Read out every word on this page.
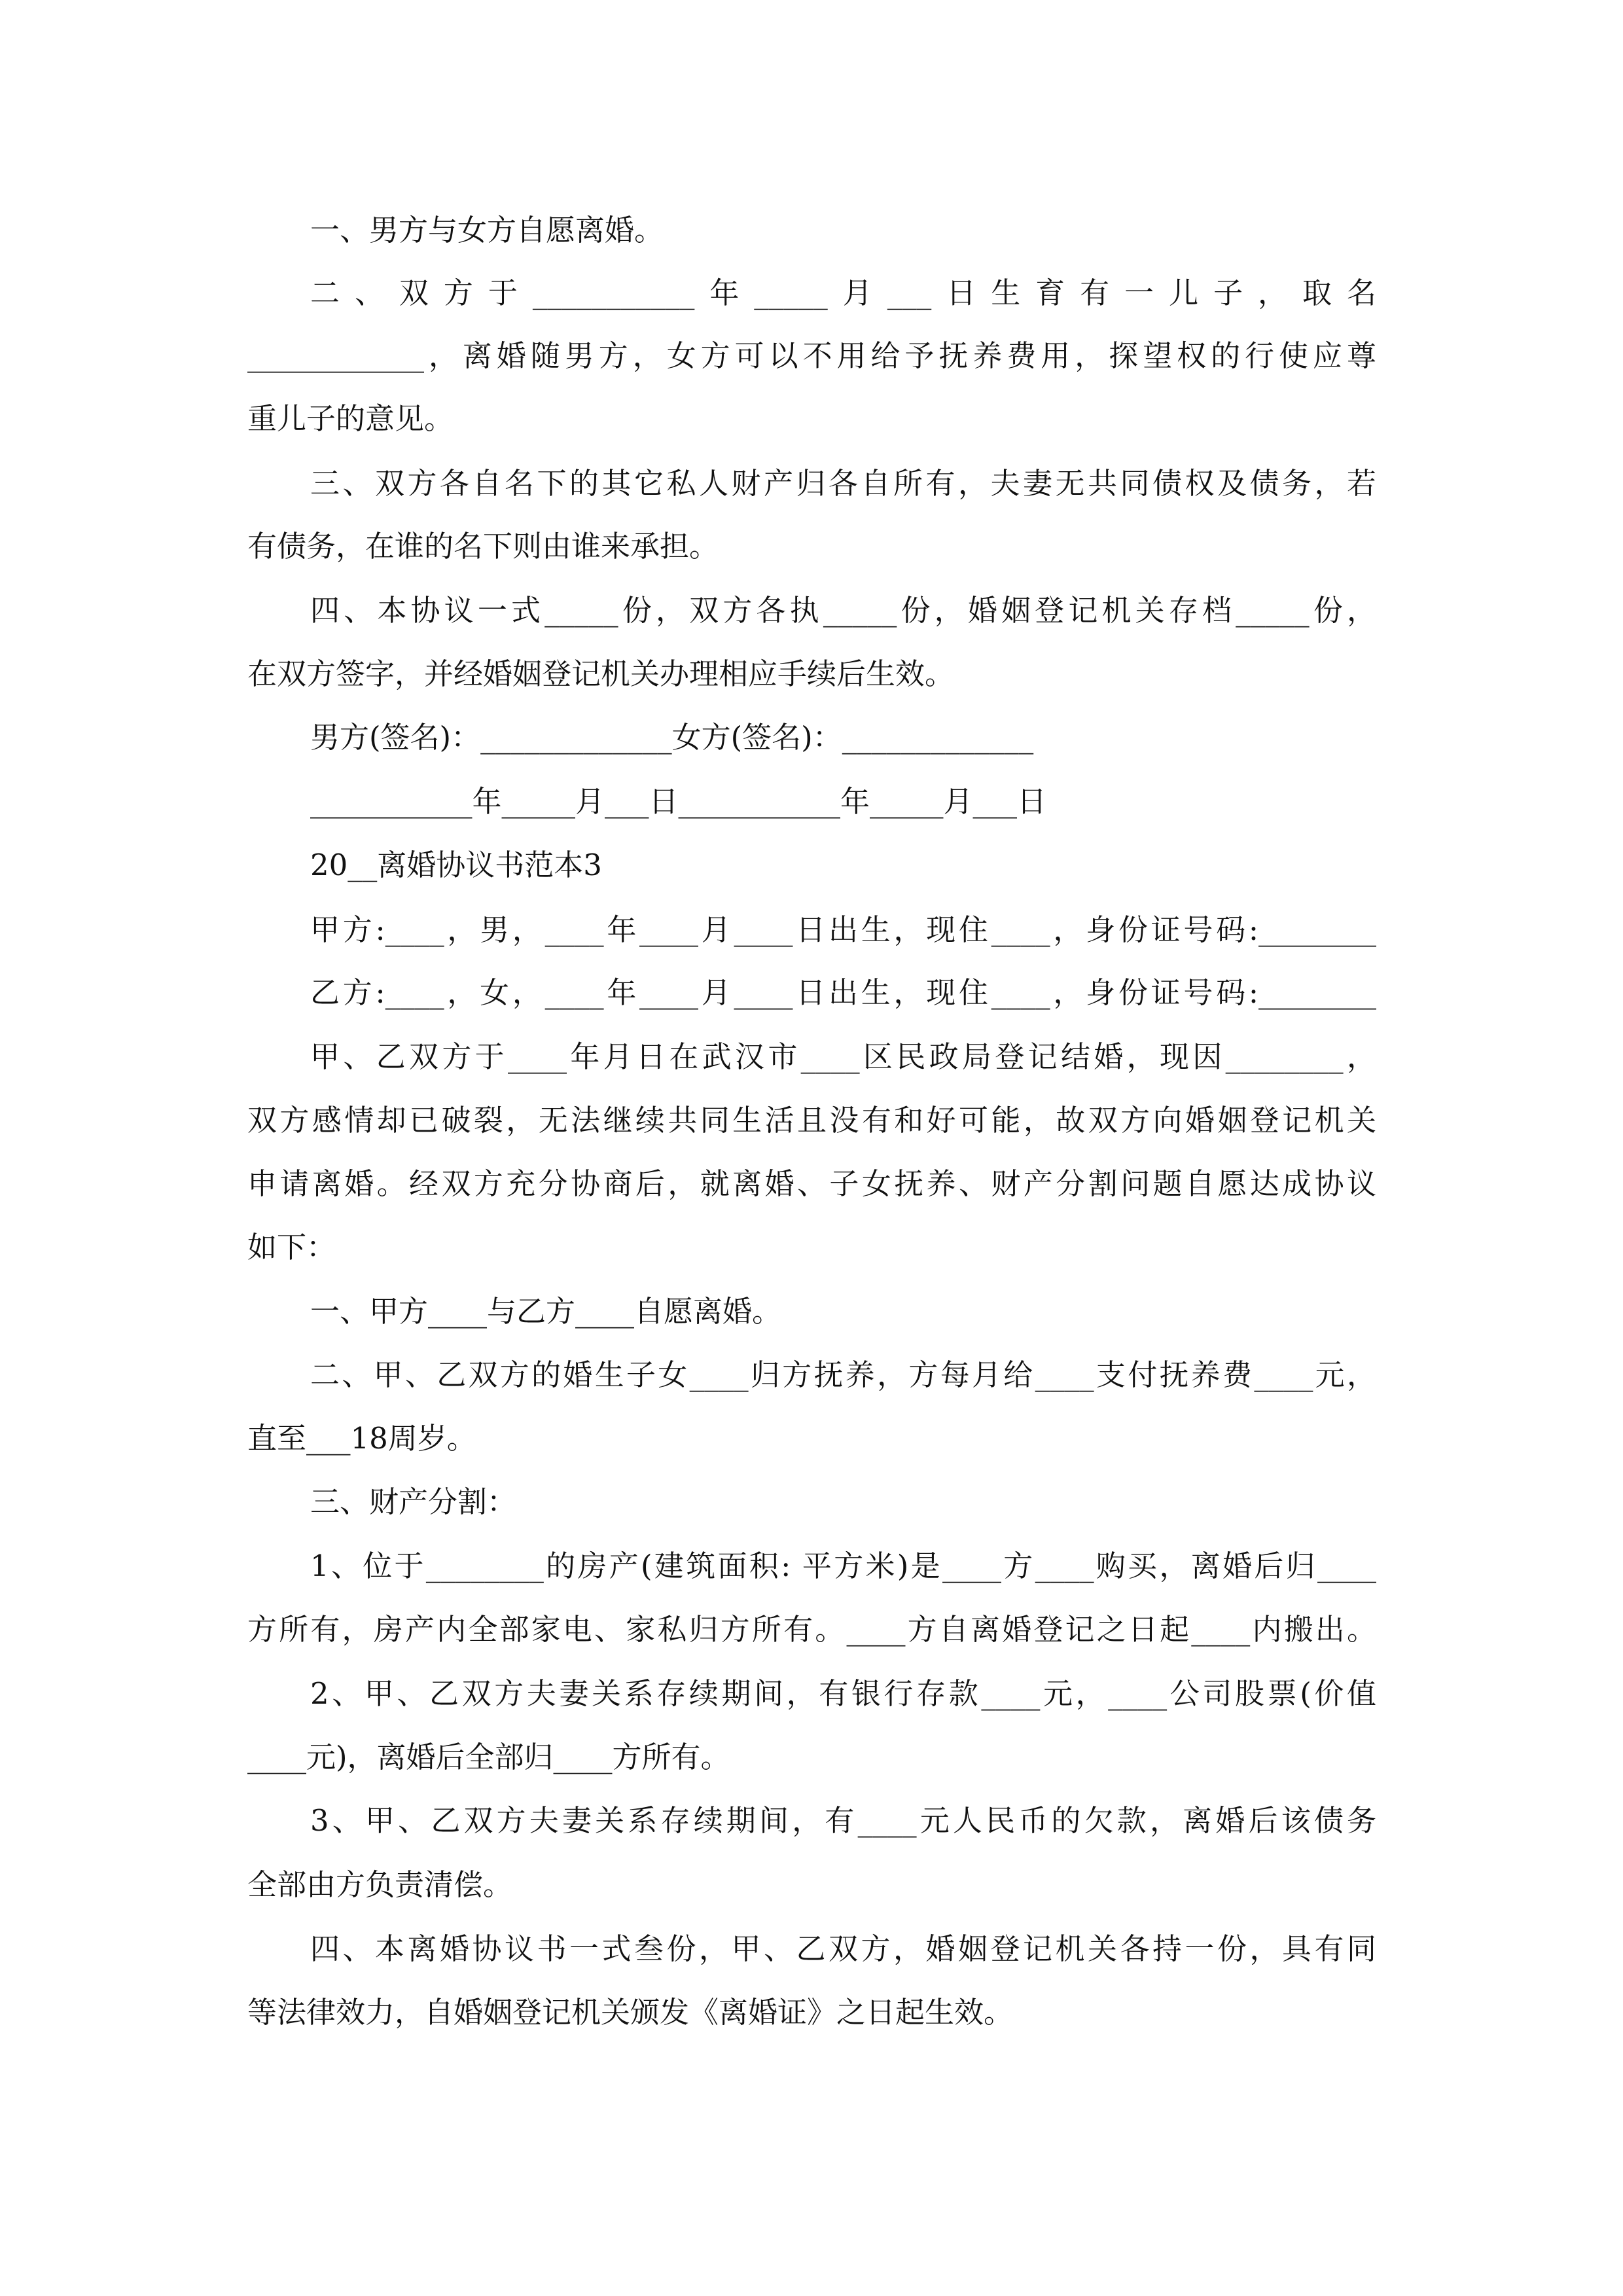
一、男方与女方自愿离婚。
二、双方于___________年_____月___日生育有一儿子，取名
____________，离婚随男方，女方可以不用给予抚养费用，探望权的行使应尊
重儿子的意见。
三、双方各自名下的其它私人财产归各自所有，夫妻无共同债权及债务，若
有债务，在谁的名下则由谁来承担。
四、本协议一式_____份，双方各执_____份，婚姻登记机关存档_____份，
在双方签字，并经婚姻登记机关办理相应手续后生效。
男方(签名)：_____________女方(签名)：_____________
___________年_____月___日___________年_____月___日
20__离婚协议书范本3
甲方:____，男，____年____月____日出生，现住____，身份证号码:________
乙方:____，女，____年____月____日出生，现住____，身份证号码:________
甲、乙双方于____年月日在武汉市____区民政局登记结婚，现因________，
双方感情却已破裂，无法继续共同生活且没有和好可能，故双方向婚姻登记机关
申请离婚。经双方充分协商后，就离婚、子女抚养、财产分割问题自愿达成协议
如下：
一、甲方____与乙方____自愿离婚。
二、甲、乙双方的婚生子女____归方抚养，方每月给____支付抚养费____元，
直至___18周岁。
三、财产分割：
1、位于________的房产(建筑面积: 平方米)是____方____购买，离婚后归____
方所有，房产内全部家电、家私归方所有。____方自离婚登记之日起____内搬出。
2、甲、乙双方夫妻关系存续期间，有银行存款____元，____公司股票(价值
____元)，离婚后全部归____方所有。
3、甲、乙双方夫妻关系存续期间，有____元人民币的欠款，离婚后该债务
全部由方负责清偿。
四、本离婚协议书一式叁份，甲、乙双方，婚姻登记机关各持一份，具有同
等法律效力，自婚姻登记机关颁发《离婚证》之日起生效。
